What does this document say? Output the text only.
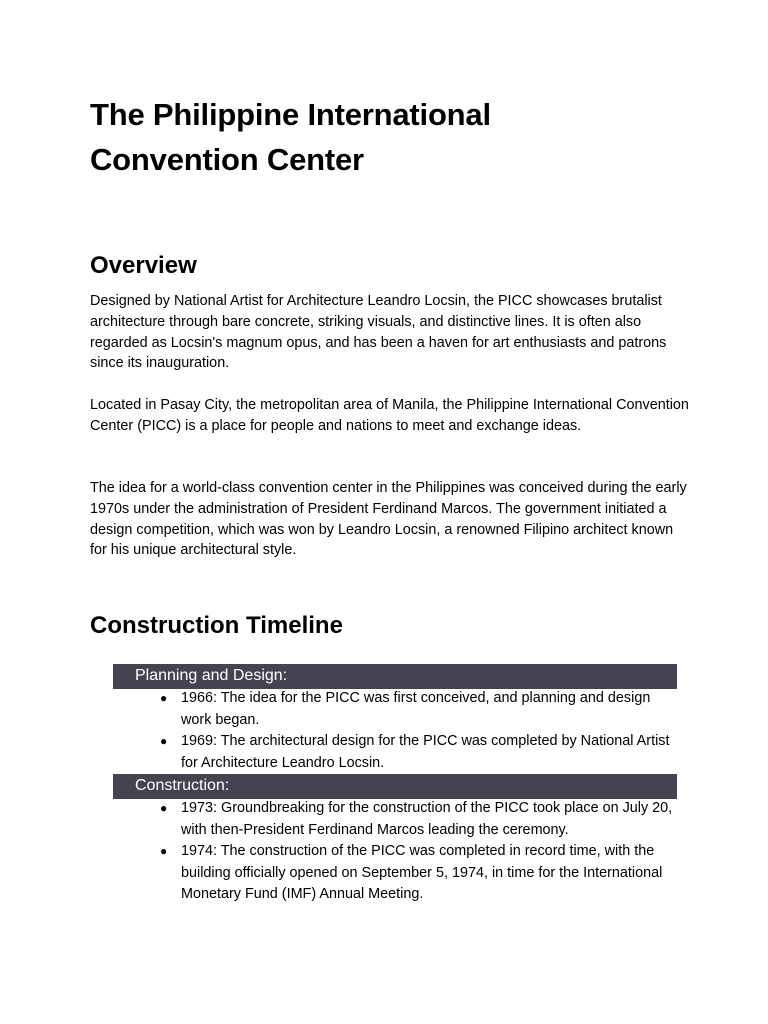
The Philippine International Convention Center
Overview

Designed by National Artist for Architecture Leandro Locsin, the PICC showcases brutalist architecture through bare concrete, striking visuals, and distinctive lines. It is often also regarded as Locsin's magnum opus, and has been a haven for art enthusiasts and patrons since its inauguration.

Located in Pasay City, the metropolitan area of Manila, the Philippine International Convention Center (PICC) is a place for people and nations to meet and exchange ideas.

The idea for a world-class convention center in the Philippines was conceived during the early 1970s under the administration of President Ferdinand Marcos. The government initiated a design competition, which was won by Leandro Locsin, a renowned Filipino architect known for his unique architectural style.

Construction Timeline
Planning and Design:
● 1966: The idea for the PICC was first conceived, and planning and design work began.
● 1969: The architectural design for the PICC was completed by National Artist for Architecture Leandro Locsin.
Construction:
● 1973: Groundbreaking for the construction of the PICC took place on July 20, with then-President Ferdinand Marcos leading the ceremony.
● 1974: The construction of the PICC was completed in record time, with the building officially opened on September 5, 1974, in time for the International Monetary Fund (IMF) Annual Meeting.
